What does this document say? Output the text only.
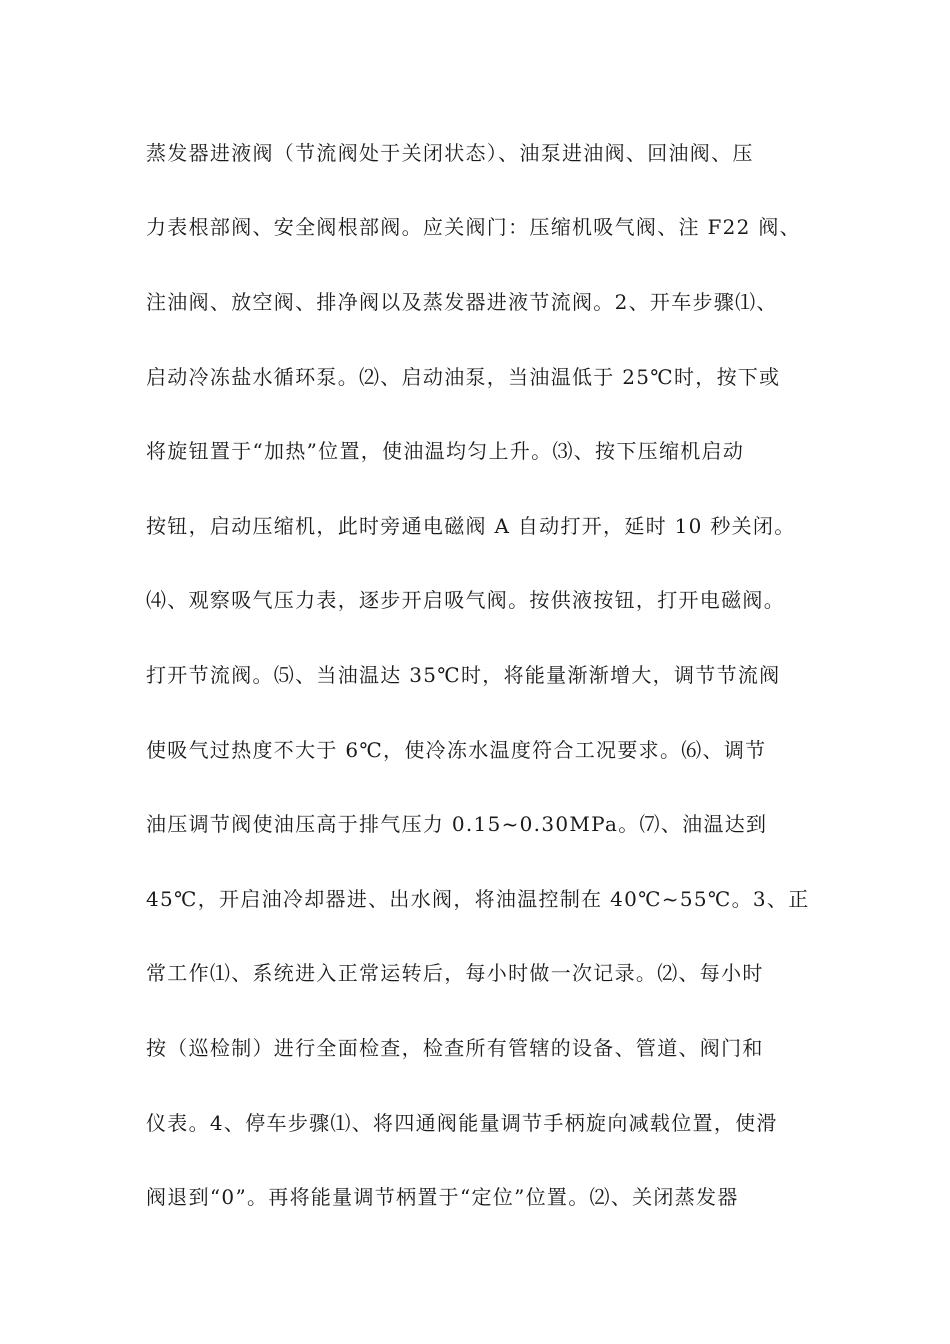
蒸发器进液阀（节流阀处于关闭状态）、油泵进油阀、回油阀、压
力表根部阀、安全阀根部阀。应关阀门：压缩机吸气阀、注 F22 阀、
注油阀、放空阀、排净阀以及蒸发器进液节流阀。2、开车步骤⑴、
启动冷冻盐水循环泵。⑵、启动油泵，当油温低于 25℃时，按下或
将旋钮置于“加热”位置，使油温均匀上升。⑶、按下压缩机启动
按钮，启动压缩机，此时旁通电磁阀 A 自动打开，延时 10 秒关闭。
⑷、观察吸气压力表，逐步开启吸气阀。按供液按钮，打开电磁阀。
打开节流阀。⑸、当油温达 35℃时，将能量渐渐增大，调节节流阀
使吸气过热度不大于 6℃，使冷冻水温度符合工况要求。⑹、调节
油压调节阀使油压高于排气压力 0.15~0.30MPa。⑺、油温达到
45℃，开启油冷却器进、出水阀，将油温控制在 40℃~55℃。3、正
常工作⑴、系统进入正常运转后，每小时做一次记录。⑵、每小时
按（巡检制）进行全面检查，检查所有管辖的设备、管道、阀门和
仪表。4、停车步骤⑴、将四通阀能量调节手柄旋向减载位置，使滑
阀退到“0”。再将能量调节柄置于“定位”位置。⑵、关闭蒸发器
